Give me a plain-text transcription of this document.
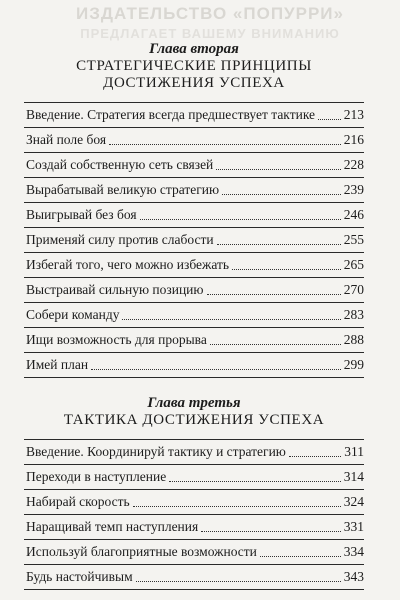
ИЗДАТЕЛЬСТВО «ПОПУРРИ»
ПРЕДЛАГАЕТ ВАШЕМУ ВНИМАНИЮ
Глава вторая
СТРАТЕГИЧЕСКИЕ ПРИНЦИПЫ
ДОСТИЖЕНИЯ УСПЕХА
Введение. Стратегия всегда предшествует тактике 213
Знай поле боя	216
Создай собственную сеть связей	228
Вырабатывай великую стратегию	239
Выигрывай без боя	246
Применяй силу против слабости	255
Избегай того, чего можно избежать	265
Выстраивай сильную позицию	270
Собери команду	283
Ищи возможность для прорыва	288
Имей план	299
Глава третья
ТАКТИКА ДОСТИЖЕНИЯ УСПЕХА
Введение. Координируй тактику и стратегию	311
Переходи в наступление	314
Набирай скорость	324
Наращивай темп наступления	331
Используй благоприятные возможности	334
Будь настойчивым	343
